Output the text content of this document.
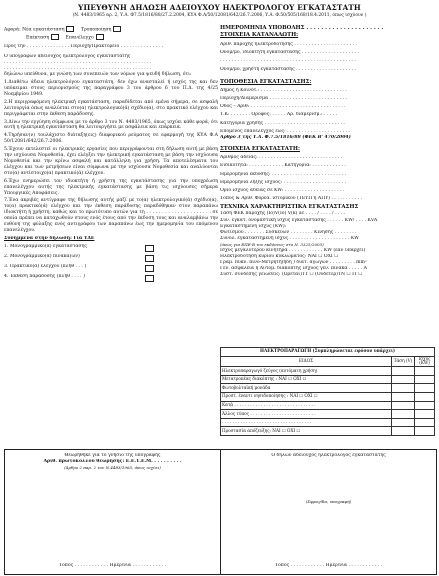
ΥΠΕΥΘΥΝΗ ΔΗΛΩΣΗ ΑΔΕΙΟΥΧΟΥ ΗΛΕΚΤΡΟΛΟΓΟΥ ΕΓΚΑΤΑΣΤΑΤΗ
(Ν. 4483/1965 αρ. 2, Υ.Α. Φ7.5/1816/88/27.2.2004, ΚΥΑ Φ.Α/50/12081/642/26.7.2006, Υ.Α. Φ.50/505/168/18.4.2011, όπως ισχύουν )
Αφορά: Νέα εγκατάσταση	Τροποποίηση
Επέκταση	Επανέλεγχο
Προς την . . . . . . . . . . . . . . . Περιοχή/Πρακτορείο . . . . . . . . . . . . . . .
Ο υπογράφων αδειούχος ηλεκτρολόγος εγκαταστάτης
. . . . . . . . . . . . . . . . . . . . . . . . . . . . . . . . . . . . . . . . . . . . . . . . . . .
. . . . . . . . . . . . . . . . . . . . . . . . . . . . . . . . . . . . . . . . . . . . . . . . . . .
δηλώνω υπεύθυνα, με γνώση των συνεπειών των νόμων για ψευδή δήλωση, ότι:
1.Διαθέτω άδεια ηλεκτρολόγου εγκαταστάτη, δεν έχω ανασταλεί ή ισχύς της και δεν υπόκειμαι στους περιορισμούς της παραγράφου 3 του άρθρου 6 του Π.Δ. της 4/25 Νοεμβρίου 1949.
2.Η περιγραφόμενη ηλεκτρική εγκατάσταση, παραδίδεται από εμένα σήμερα, σε ασφαλή λειτουργία όπως αναλύεται στο(α) ηλεκτρολογικό(ά) σχέδιο(α), στο πρακτικό ελέγχου και περιγράφεται στην έκθεση παράδοσης.
3.Δίνω την εγγύηση σύμφωνα με το άρθρο 3 του Ν. 4483/1965, όπως ισχύει κάθε φορά, ότι αυτή η ηλεκτρική εγκατάσταση θα λειτουργήσει με ασφάλεια και επάρκεια.
4.Τηρήσαν(ν) τουλάχιστο διάταξη(εις) διαφορικού ρεύματος σε εφαρμογή της ΚΥΑ Φ.Α 50/12081/642/26.7.2006.
5.Έχουν εκτελεστεί οι ηλεκτρικές εργασίες που περιγράφονται στη δήλωση αυτή με βάση την ισχύουσα Νομοθεσία, έχει ελέγξει την ηλεκτρική εγκατάσταση με βάση την ισχύουσα Νομοθεσία και την κρίνω ασφαλή και κατάλληλη για χρήση. Τα αποτελέσματα του ελέγχου και των μετρήσεων είναι σύμφωνα με την ισχύουσα Νομοθεσία και αναλύονται στο(α) αντίστοιχο(α) πρακτικό(ά) ελέγχου.
6.Έχω ενημερώσει τον ιδιοκτήτη ή χρήστη της εγκατάστασης για την υποχρέωση επανελέγχου αυτής της ηλεκτρικής εγκατάστασης με βάση τις ισχύουσες σήμερα Υπουργικές Αποφάσεις.
7.Ένα ακριβές αντίγραφο της δήλωσης αυτής μαζί με το(α) ηλεκτρολογικό(ά) σχέδιο(α), το(α) πρακτικό(ά) ελέγχου και την έκθεση παράδοσης παραδόθηκαν στον παραπάνω ιδιοκτήτη ή χρήστη, καθώς και το πρωτότυπο αυτών για τη . . . . . . . . . . . . . . . . . . . . . σε οποία πρέπει να καταχωθούν στους ενός έτους από την έκδοση τους και αναλαμβάνω την ευθύνη της φύλαξης ενός αντιγράφου των παραπάνω έως την ημερομηνία του επόμενου επανελέγχου.
Συνημμένα στην δήλωση: Για ΥΔΕ
1. Μονογραμμικό(ά) εγκατάστασης
2. Μονογραμμικό(ά) πίνακα(ων)
3. Πρακτικό(ά) ελέγχου (πλήθ . . . )
4. Έκθεση παράδοσης (πλήθ . . . . )
ΗΜΕΡΟΜΗΝΙΑ ΥΠΟΒΟΛΗΣ . . . . . . . . . . . . . . . . . . . . .
ΣΤΟΙΧΕΙΑ ΚΑΤΑΝΑΛΩΤΗ:
Αριθ. παροχής ηλεκτροδότησης . . . . . . . . . . . . . . . . . . . . . .
Ονομ/μο, ιδιοκτήτη εγκατάστασης . . . . . . . . . . . . . . . . . . . .
. . . . . . . . . . . . . . . . . . . . . . . . . . . . . . . . . . . . . . . . . . . . . . .
Ονομ/μο, χρήστη εγκατάστασης . . . . . . . . . . . . . . . . . . . . .
ΤΟΠΟΘΕΣΙΑ ΕΓΚΑΤΑΣΤΑΣΗΣ:
Δήμος ή Κοινότ.: . . . . . . . . . . . . . . . . . . . . . . . . . . . . . .
Περιοχή/Διαμέρισμα . . . . . . . . . . . . . . . . . . . . . . . . . . .
Οδός – Αριθ: . . . . . . . . . . . . . . . . . . . . . . . . . . . . . . . . .
Τ.Κ: . . . . . . . Όροφος: . . . . . Αρ. διαμερίσμ.: . . . . .
Κατηγορία χρήσης . . . . . . . . . . . . . . . . . . . . . . . . . . . .
Επόμενος επανέλεγχος έως: . . . . . . . . . . . . . . . . . . . . . .
Άρθρο 3 της Υ.Α. Φ.7.5/1816/88 (ΦΕΚ Β' 470/2004)
ΣΤΟΙΧΕΙΑ ΕΓΚΑΤΑΣΤΑΤΗ:
Αριθμός άδειας: . . . . . . . . . . . . . . . . . . . . . . . . . . . . .
Ειδικότητα: . . . . . . . . . . . . Κατηγορία: . . . . . . . . . . . .
Ημερομηνία έκδοσης: . . . . . . . . . . . . . . . . . . . . . . . . . .
Ημερομηνία λήξης ισχύος: . . . . . . . . . . . . . . . . . . . . . .
Όριο ισχύος άδειας σε KW: . . . . . . . . . . . . . . . . . . . . .
Τόπος & Αριθ. Φορεά. ιστορικού (ΤΕΥΠ ή ΑΠΥ) . . . . . . . . . . .
ΤΕΧΝΙΚΑ ΧΑΡΑΚΤΗΡΙΣΤΙΚΑ ΕΓΚΑΤΑΣΤΑΣΗΣ
Τάση ΦΕΚ παροχής (Ιο)V(Ιο) V(k) ac . . . . / . . . . / . . . .
Συν. εγκατ. ονομαστική ισχύς εγκατάστασης . . . . . . KW/ . . . . KVA
Εγκαταστημένη ισχύς (KW):
Φωτισμού . . . . . . . Συσκευών . . . . . . . . Κίνησης . . . . . . . .
Συνολ. εγκαταστημένη ισχύς . . . . . . . . . . . . . . . . . . . . . KW
(όπως για ΕΠΕ-Β του εκδόσεως στο Ν. 3325/2005)
Ισχύς μεγαλύτερου κινητήρα . . . . . . . . . . . . KW (εάν υπάρχει)
Ηλεκτροδότηση κύριου κυκλώματος: ΝΑΙ ☐ ΟΧΙ ☐
Γραμ. πυκν. πίνο-Μετρητή(ήδη ) διατ. αγωγών . . . . . . . . . mm²
Γεν. ασφάλεια ή Αυτόμ. διακόπτης ισχύος γεν. πίνακα . . . . . A
Σύστ. σύνδεσης γειώσεις: (Ορέται)ΤΤ ☐ (Ουδετέρ)ΤΝ ☐ ΙΤ ☐
ΗΛΕΚΤΡΟΠΑΡΑΓΩΓΗ (Συμπληρώνεται εφόσον υπάρχει)		
ΕΙΔΟΣ	Τάση (V)	Ισχύς (KW)
Ηλεκτροπαραγωγό ζεύγος (αυτόματη χρήση)		
Μετατροπέας διακόπτης : ΝΑΙ ☐ ΟΧΙ ☐		
Φωτοβολταϊκή μονάδα		
Προστ. έναντι νησιδοποίησης : ΝΑΙ ☐ ΟΧΙ ☐		
Κατά . . . . . . . . . . . . . . . . . . . . . . . . . . . . . . .		
Άλλος τύπος . . . . . . . . . . . . . . . . . . . . . . . . .		
. . . . . . . . . . . . . . . . . . . . . . . . . . . . . . . . . .		
Προστασία απόζευξης: ΝΑΙ ☐ ΟΧΙ ☐		
Θεωρήθηκε για το γνήσιο της υπογραφής
Αριθ. πρωτοκόλλου θεώρησης: Ε.Ε.Τ.Ε.Μ. . . . . . . . . .
(Άρθρο 2 παρ. 2 του Ν.4483/1965, όπως ισχύει)
Τόπος . . . . . . . . . . . . Ημερ/νία . . . . . . . . . . . .
Ο δηλών αδειούχος ηλεκτρολόγος εγκαταστάτης
(Σφραγίδα, υπογραφή)
Τόπος . . . . . . . . . . . . Ημερ/νία . . . . . . . . . . . .
